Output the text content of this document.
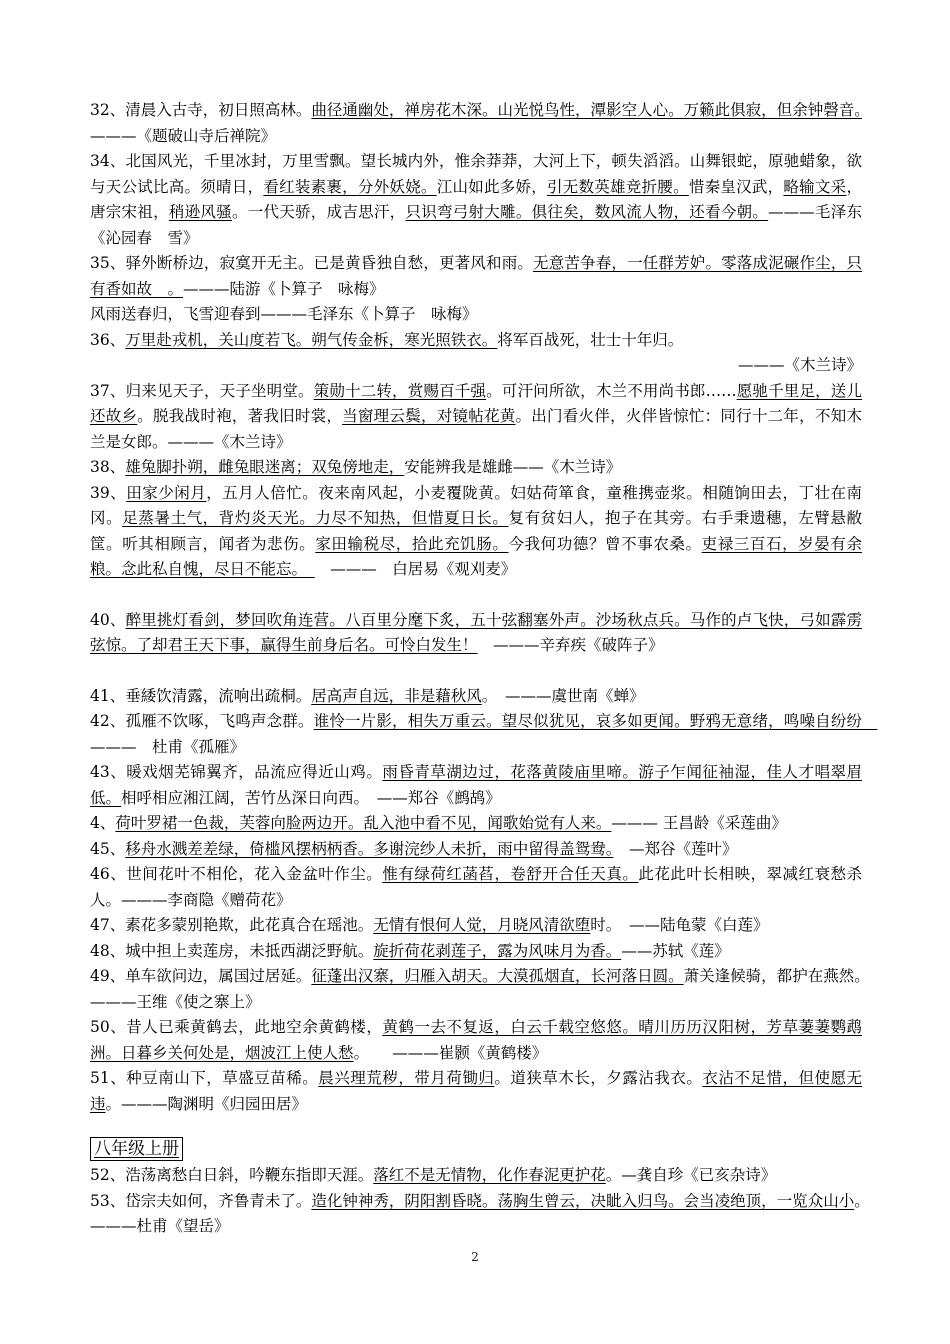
32、清晨入古寺，初日照高林。曲径通幽处，禅房花木深。山光悦鸟性，潭影空人心。万籁此俱寂，但余钟磬音。　　———《题破山寺后禅院》
34、北国风光，千里冰封，万里雪飘。望长城内外，惟余莽莽，大河上下，顿失滔滔。山舞银蛇，原驰蜡象，欲与天公试比高。须晴日，看红装素裹，分外妖娆。江山如此多娇，引无数英雄竞折腰。惜秦皇汉武，略输文采，唐宗宋祖，稍逊风骚。一代天骄，成吉思汗，只识弯弓射大雕。俱往矣，数风流人物，还看今朝。———毛泽东《沁园春　雪》
35、驿外断桥边，寂寞开无主。已是黄昏独自愁，更著风和雨。无意苦争春，一任群芳妒。零落成泥碾作尘，只有香如故　。———陆游《卜算子　咏梅》
风雨送春归，飞雪迎春到———毛泽东《卜算子　咏梅》
36、万里赴戎机，关山度若飞。朔气传金柝，寒光照铁衣。将军百战死，壮士十年归。
———《木兰诗》
37、归来见天子，天子坐明堂。策勋十二转，赏赐百千强。可汗问所欲，木兰不用尚书郎……愿驰千里足，送儿还故乡。脱我战时袍，著我旧时裳，当窗理云鬓，对镜帖花黄。出门看火伴，火伴皆惊忙：同行十二年，不知木兰是女郎。———《木兰诗》
38、雄兔脚扑朔，雌兔眼迷离；双兔傍地走，安能辨我是雄雌——《木兰诗》
39、田家少闲月，五月人倍忙。夜来南风起，小麦覆陇黄。妇姑荷箪食，童稚携壶浆。相随饷田去，丁壮在南冈。足蒸暑土气，背灼炎天光。力尽不知热，但惜夏日长。复有贫妇人，抱子在其旁。右手秉遗穗，左臂悬敝筐。听其相顾言，闻者为悲伤。家田输税尽，拾此充饥肠。今我何功德？曾不事农桑。吏禄三百石，岁晏有余粮。念此私自愧，尽日不能忘。　　———　白居易《观刈麦》
40、醉里挑灯看剑，梦回吹角连营。八百里分麾下炙，五十弦翻塞外声。沙场秋点兵。马作的卢飞快，弓如霹雳弦惊。了却君王天下事，赢得生前身后名。可怜白发生！　———辛弃疾《破阵子》
41、垂緌饮清露，流响出疏桐。居高声自远，非是藉秋风。　———虞世南《蝉》
42、孤雁不饮啄，飞鸣声念群。谁怜一片影，相失万重云。望尽似犹见，哀多如更闻。野鸦无意绪，鸣噪自纷纷　　　———　杜甫《孤雁》
43、暖戏烟芜锦翼齐，品流应得近山鸡。雨昏青草湖边过，花落黄陵庙里啼。游子乍闻征袖湿，佳人才唱翠眉低。相呼相应湘江阔，苦竹丛深日向西。　——郑谷《鹧鸪》
4、荷叶罗裙一色裁，芙蓉向脸两边开。乱入池中看不见，闻歌始觉有人来。——— 王昌龄《采莲曲》
45、移舟水溅差差绿，倚槛风摆柄柄香。多谢浣纱人未折，雨中留得盖鸳鸯。　—郑谷《莲叶》
46、世间花叶不相伦，花入金盆叶作尘。惟有绿荷红菡萏，卷舒开合任天真。此花此叶长相映，翠减红衰愁杀人。———李商隐《赠荷花》
47、素花多蒙别艳欺，此花真合在瑶池。无情有恨何人觉，月晓风清欲堕时。　——陆龟蒙《白莲》
48、城中担上卖莲房，未抵西湖泛野航。旋折荷花剥莲子，露为风味月为香。——苏轼《莲》
49、单车欲问边，属国过居延。征蓬出汉寨，归雁入胡天。大漠孤烟直，长河落日圆。萧关逢候骑，都护在燕然。　　　———王维《使之寨上》
50、昔人已乘黄鹤去，此地空余黄鹤楼，黄鹤一去不复返，白云千载空悠悠。晴川历历汉阳树，芳草萋萋鹦鹉洲。日暮乡关何处是，烟波江上使人愁。　　———崔颢《黄鹤楼》
51、种豆南山下，草盛豆苗稀。晨兴理荒秽，带月荷锄归。道狭草木长，夕露沾我衣。衣沾不足惜，但使愿无违。———陶渊明《归园田居》
八年级上册
52、浩荡离愁白日斜，吟鞭东指即天涯。落红不是无情物，化作春泥更护花。—龚自珍《已亥杂诗》
53、岱宗夫如何，齐鲁青未了。造化钟神秀，阴阳割昏晓。荡胸生曾云，决眦入归鸟。会当凌绝顶，一览众山小。　　———杜甫《望岳》
2
